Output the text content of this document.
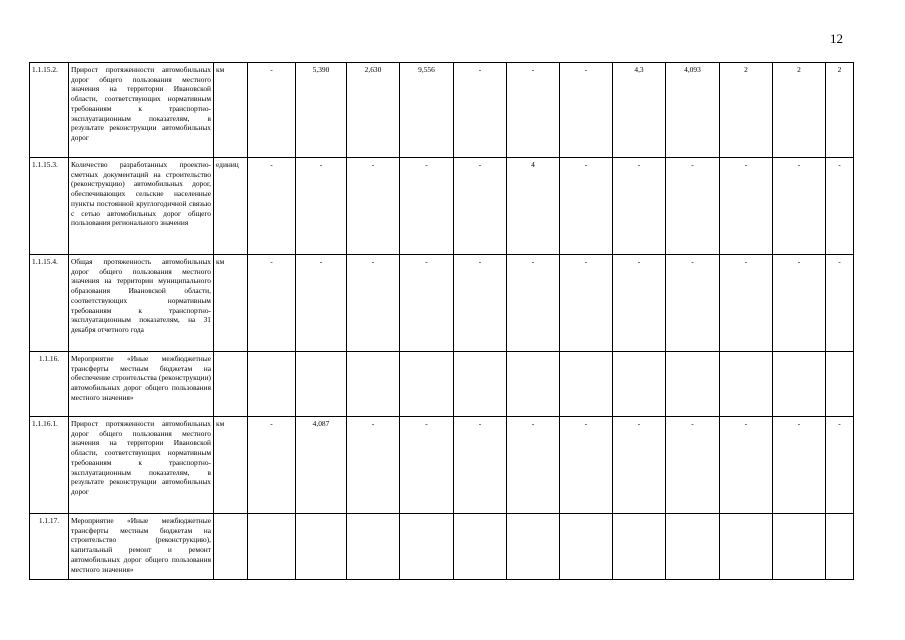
12
1.1.15.2.	Прирост протяженности автомобильных дорог общего пользования местного значения на территории Ивановской области, соответствующих нормативным требованиям к транспортно-эксплуатационным показателям, в результате реконструкции автомобильных дорог	км	-	5,390	2,630	9,556	-	-	-	4,3	4,093	2	2	2
1.1.15.3.	Количество разработанных проектно-сметных документаций на строительство (реконструкцию) автомобильных дорог, обеспечивающих сельские населенные пункты постоянной круглогодичной связью с сетью автомобильных дорог общего пользования регионального значения	единиц	-	-	-	-	-	4	-	-	-	-	-	-
1.1.15.4.	Общая протяженность автомобильных дорог общего пользования местного значения на территории муниципального образования Ивановской области, соответствующих нормативным требованиям к транспортно-эксплуатационным показателям, на 31 декабря отчетного года	км	-	-	-	-	-	-	-	-	-	-	-	-
1.1.16.	Мероприятие «Иные межбюджетные трансферты местным бюджетам на обеспечение строительства (реконструкции) автомобильных дорог общего пользования местного значения»													
1.1.16.1.	Прирост протяженности автомобильных дорог общего пользования местного значения на территории Ивановской области, соответствующих нормативным требованиям к транспортно-эксплуатационным показателям, в результате реконструкции автомобильных дорог	км	-	4,087	-	-	-	-	-	-	-	-	-	-
1.1.17.	Мероприятие «Иные межбюджетные трансферты местным бюджетам на строительство (реконструкцию), капитальный ремонт и ремонт автомобильных дорог общего пользования местного значения»													
